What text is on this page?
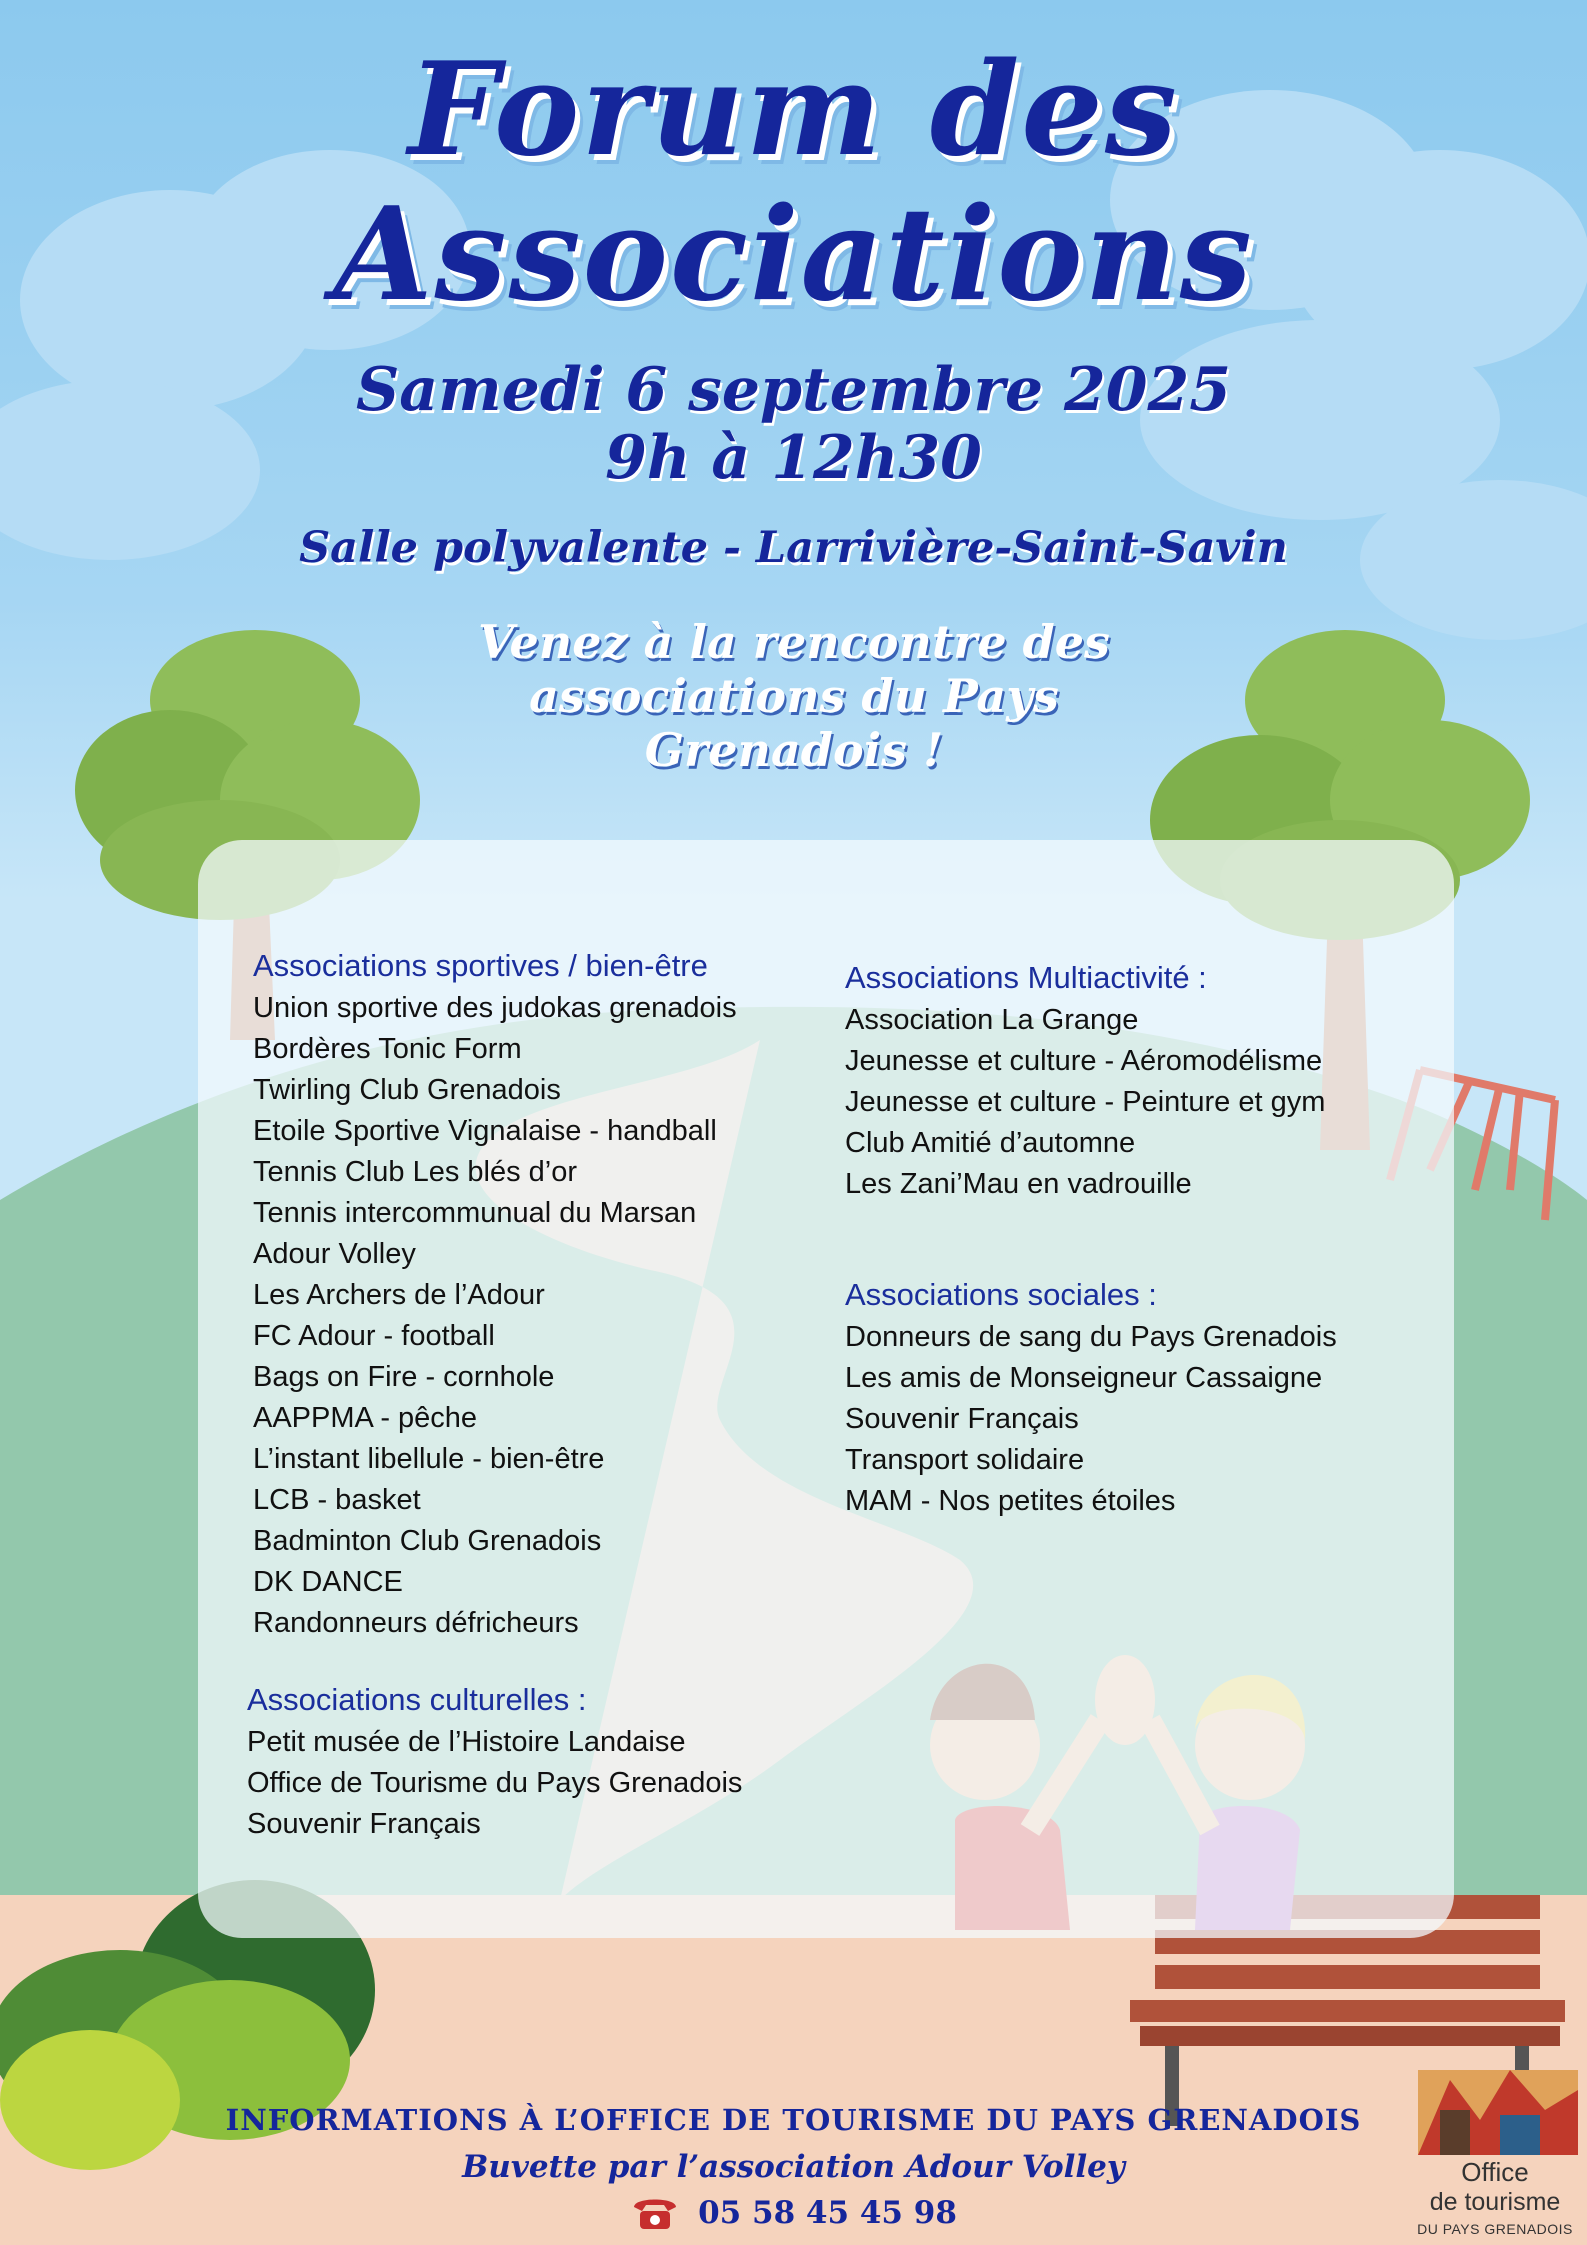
Forum des
Associations

Samedi 6 septembre 2025

9h à 12h30

Salle polyvalente - Larrivière-Saint-Savin

Venez à la rencontre des
associations du Pays
Grenadois !
Associations sportives / bien-être
Union sportive des judokas grenadois
Bordères Tonic Form
Twirling Club Grenadois
Etoile Sportive Vignalaise - handball
Tennis Club Les blés d’or
Tennis intercommunual du Marsan
Adour Volley
Les Archers de l’Adour
FC Adour - football
Bags on Fire - cornhole
AAPPMA - pêche
L’instant libellule - bien-être
LCB - basket
Badminton Club Grenadois
DK DANCE
Randonneurs défricheurs
Associations culturelles :
Petit musée de l’Histoire Landaise
Office de Tourisme du Pays Grenadois
Souvenir Français
Associations Multiactivité :
Association La Grange
Jeunesse et culture - Aéromodélisme
Jeunesse et culture - Peinture et gym
Club Amitié d’automne
Les Zani’Mau en vadrouille
Associations sociales :
Donneurs de sang du Pays Grenadois
Les amis de Monseigneur Cassaigne
Souvenir Français
Transport solidaire
MAM - Nos petites étoiles

INFORMATIONS À L’OFFICE DE TOURISME DU PAYS GRENADOIS

Buvette par l’association Adour Volley

05 58 45 45 98
Office
de tourisme
DU PAYS GRENADOIS
